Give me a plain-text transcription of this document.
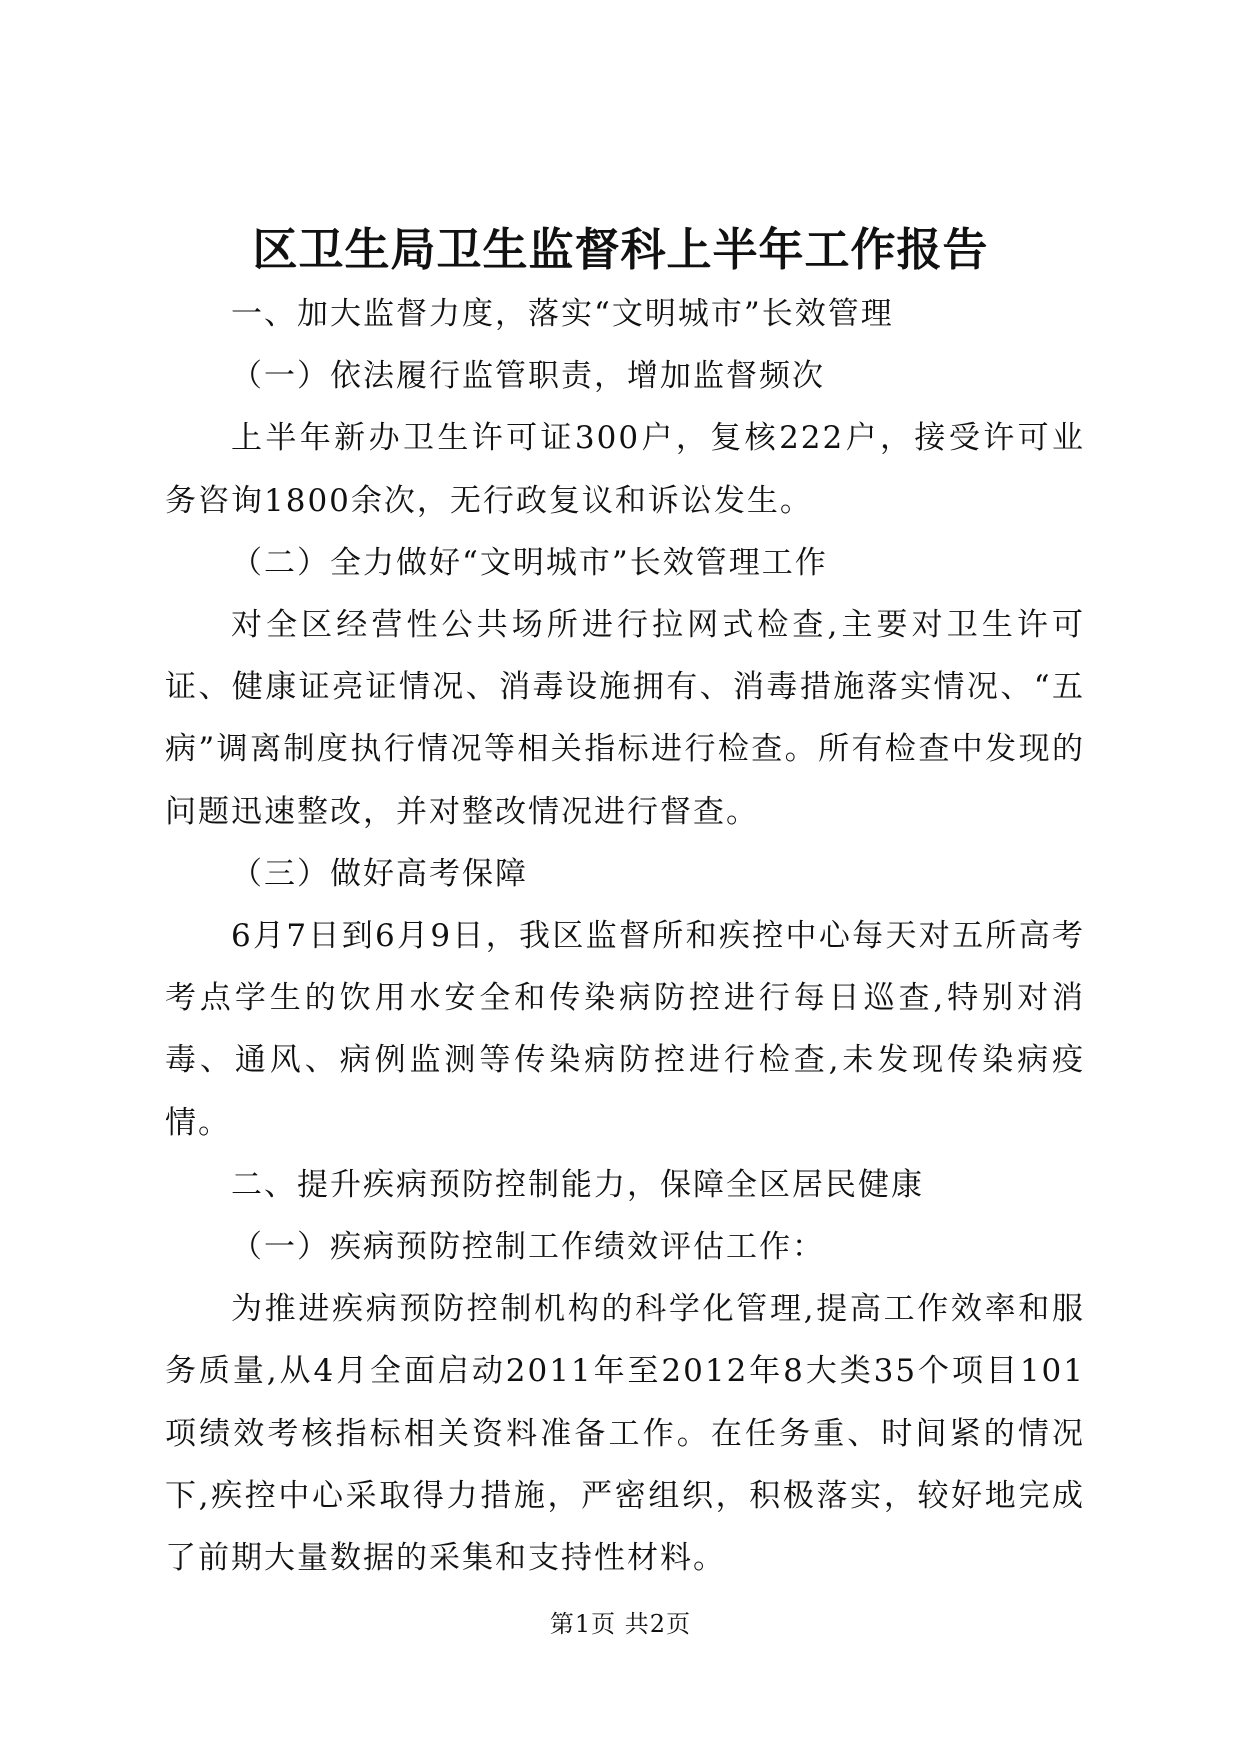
区卫生局卫生监督科上半年工作报告

一、加大监督力度，落实“文明城市”长效管理

（一）依法履行监管职责，增加监督频次

上半年新办卫生许可证300户，复核222户，接受许可业务咨询1800余次，无行政复议和诉讼发生。

（二）全力做好“文明城市”长效管理工作

对全区经营性公共场所进行拉网式检查,主要对卫生许可证、健康证亮证情况、消毒设施拥有、消毒措施落实情况、“五病”调离制度执行情况等相关指标进行检查。所有检查中发现的问题迅速整改，并对整改情况进行督查。

（三）做好高考保障

6月7日到6月9日，我区监督所和疾控中心每天对五所高考考点学生的饮用水安全和传染病防控进行每日巡查,特别对消毒、通风、病例监测等传染病防控进行检查,未发现传染病疫情。

二、提升疾病预防控制能力，保障全区居民健康

（一）疾病预防控制工作绩效评估工作：

为推进疾病预防控制机构的科学化管理,提高工作效率和服务质量,从4月全面启动2011年至2012年8大类35个项目101项绩效考核指标相关资料准备工作。在任务重、时间紧的情况下,疾控中心采取得力措施，严密组织，积极落实，较好地完成了前期大量数据的采集和支持性材料。

第1页 共2页
